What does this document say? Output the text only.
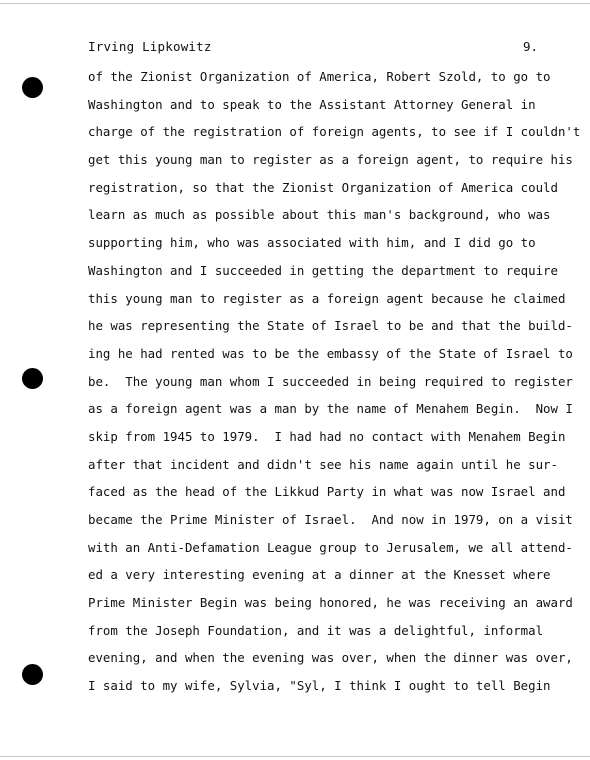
Irving Lipkowitz	9.
of the Zionist Organization of America, Robert Szold, to go to
Washington and to speak to the Assistant Attorney General in
charge of the registration of foreign agents, to see if I couldn't
get this young man to register as a foreign agent, to require his
registration, so that the Zionist Organization of America could
learn as much as possible about this man's background, who was
supporting him, who was associated with him, and I did go to
Washington and I succeeded in getting the department to require
this young man to register as a foreign agent because he claimed
he was representing the State of Israel to be and that the build-
ing he had rented was to be the embassy of the State of Israel to
be.  The young man whom I succeeded in being required to register
as a foreign agent was a man by the name of Menahem Begin.  Now I
skip from 1945 to 1979.  I had had no contact with Menahem Begin
after that incident and didn't see his name again until he sur-
faced as the head of the Likkud Party in what was now Israel and
became the Prime Minister of Israel.  And now in 1979, on a visit
with an Anti-Defamation League group to Jerusalem, we all attend-
ed a very interesting evening at a dinner at the Knesset where
Prime Minister Begin was being honored, he was receiving an award
from the Joseph Foundation, and it was a delightful, informal
evening, and when the evening was over, when the dinner was over,
I said to my wife, Sylvia, "Syl, I think I ought to tell Begin
